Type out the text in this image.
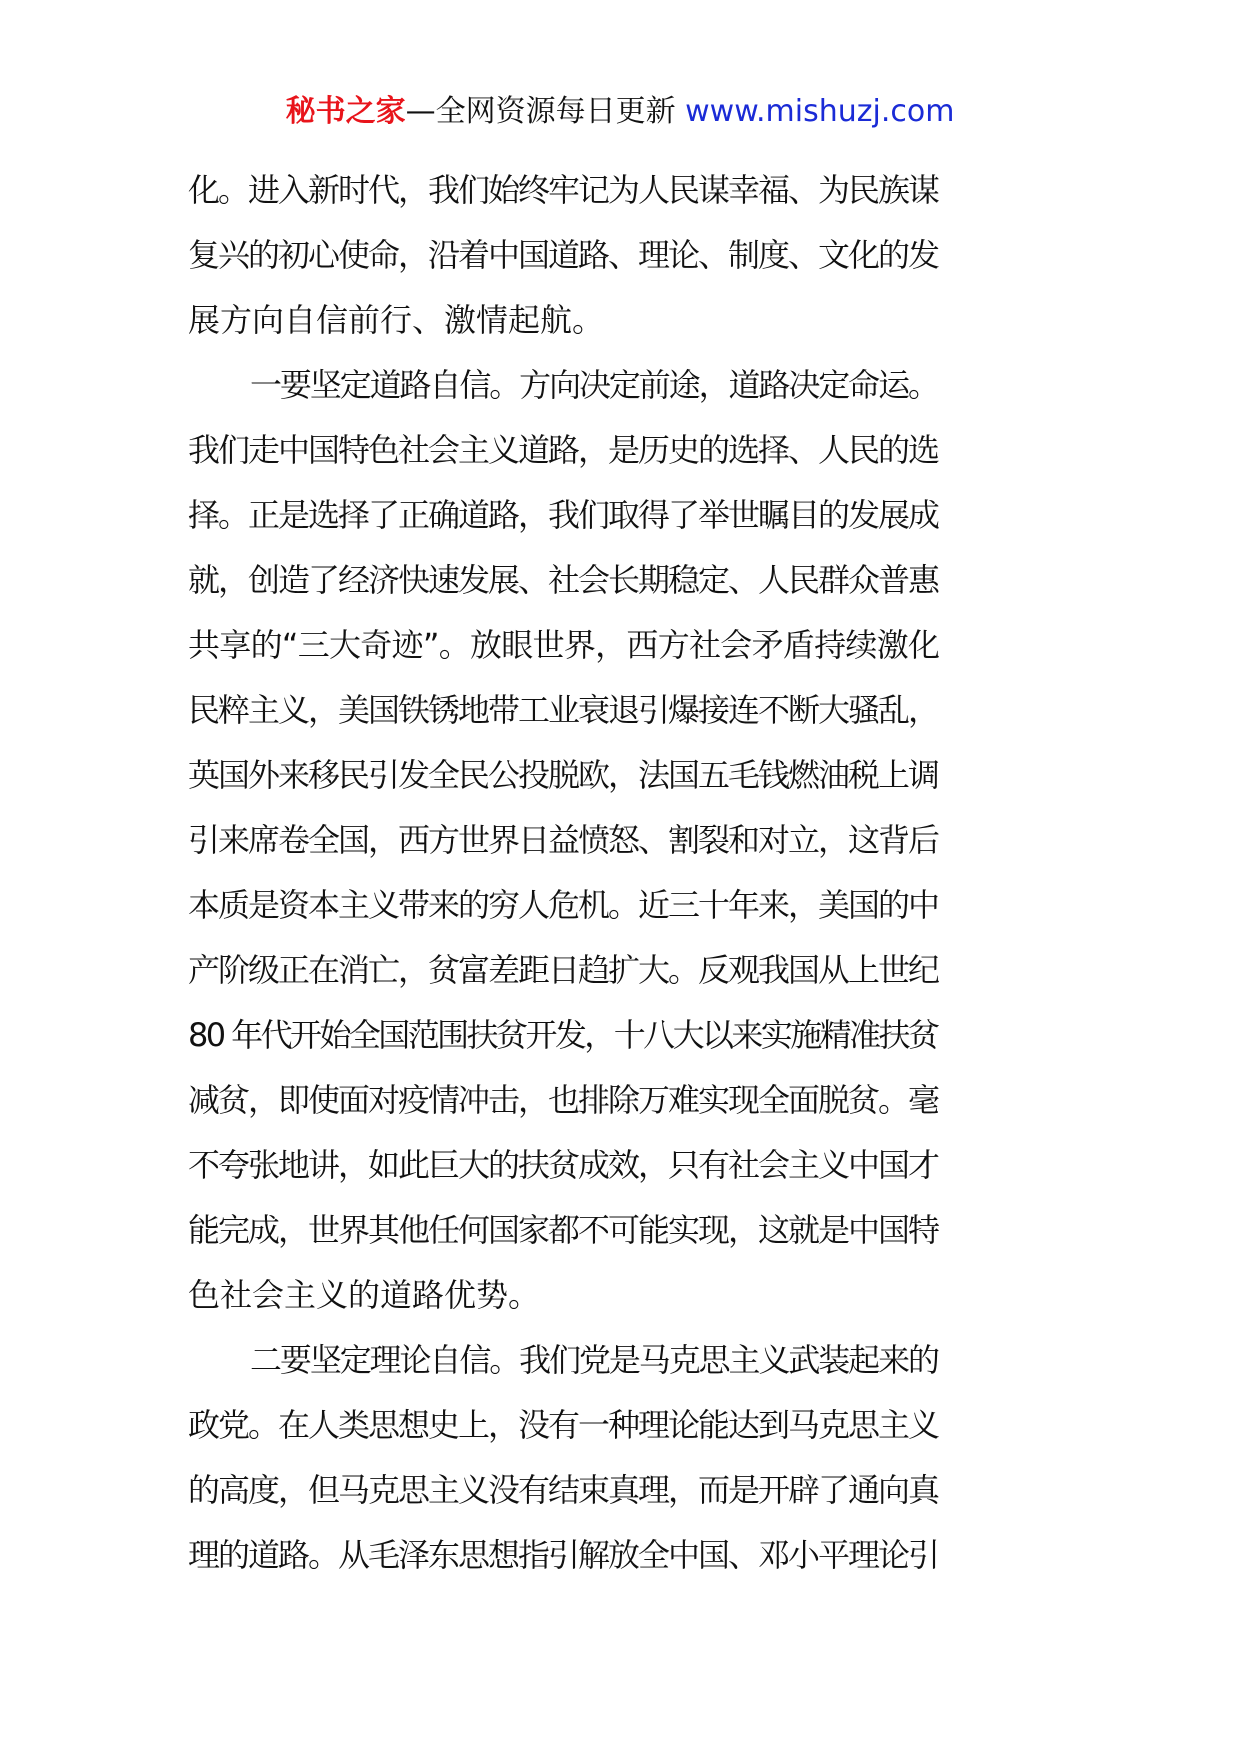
秘书之家—全网资源每日更新 www.mishuzj.com
化。进入新时代，我们始终牢记为人民谋幸福、为民族谋
复兴的初心使命，沿着中国道路、理论、制度、文化的发
展方向自信前行、激情起航。
一要坚定道路自信。方向决定前途，道路决定命运。
我们走中国特色社会主义道路，是历史的选择、人民的选
择。正是选择了正确道路，我们取得了举世瞩目的发展成
就，创造了经济快速发展、社会长期稳定、人民群众普惠
共享的“三大奇迹”。放眼世界，西方社会矛盾持续激化
民粹主义，美国铁锈地带工业衰退引爆接连不断大骚乱，
英国外来移民引发全民公投脱欧，法国五毛钱燃油税上调
引来席卷全国，西方世界日益愤怒、割裂和对立，这背后
本质是资本主义带来的穷人危机。近三十年来，美国的中
产阶级正在消亡，贫富差距日趋扩大。反观我国从上世纪
80 年代开始全国范围扶贫开发，十八大以来实施精准扶贫
减贫，即使面对疫情冲击，也排除万难实现全面脱贫。毫
不夸张地讲，如此巨大的扶贫成效，只有社会主义中国才
能完成，世界其他任何国家都不可能实现，这就是中国特
色社会主义的道路优势。
二要坚定理论自信。我们党是马克思主义武装起来的
政党。在人类思想史上，没有一种理论能达到马克思主义
的高度，但马克思主义没有结束真理，而是开辟了通向真
理的道路。从毛泽东思想指引解放全中国、邓小平理论引
